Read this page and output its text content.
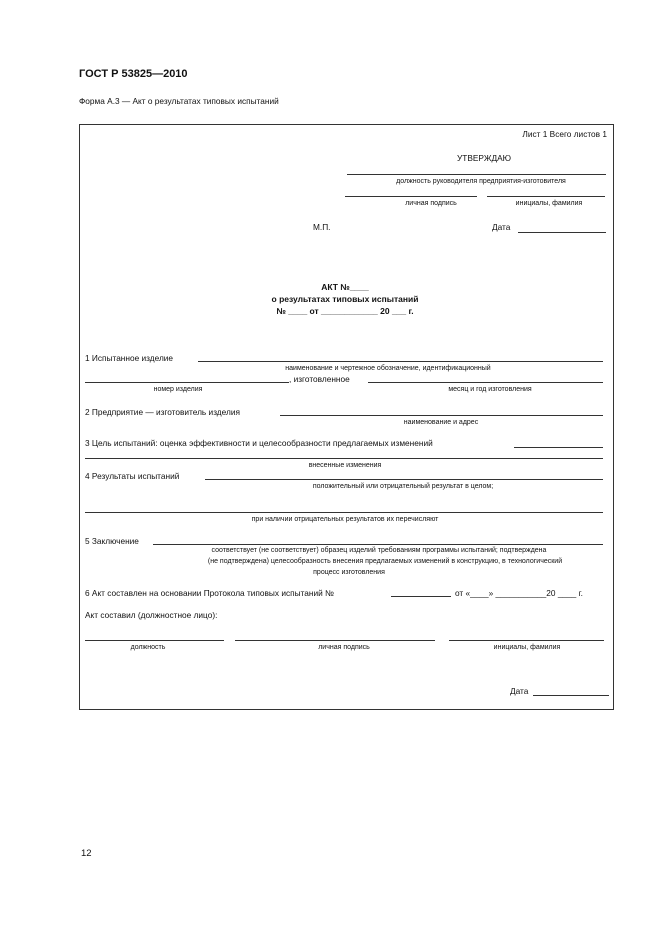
ГОСТ Р 53825—2010
Форма А.3 — Акт о результатах типовых испытаний
Лист 1 Всего листов 1
УТВЕРЖДАЮ
должность руководителя предприятия-изготовителя
личная подпись	инициалы, фамилия
М.П.	Дата
АКТ №____
о результатах типовых испытаний
№ ____ от ____________ 20 ___ г.
1 Испытанное изделие
наименование и чертежное обозначение, идентификационный
, изготовленное
номер изделия	месяц и год изготовления
2 Предприятие — изготовитель изделия
наименование и адрес
3 Цель испытаний: оценка эффективности и целесообразности предлагаемых изменений
внесенные изменения
4 Результаты испытаний
положительный или отрицательный результат в целом;
при наличии отрицательных результатов их перечисляют
5 Заключение
соответствует (не соответствует) образец изделий требованиям программы испытаний; подтверждена
(не подтверждена) целесообразность внесения предлагаемых изменений в конструкцию, в технологический
процесс изготовления
6 Акт составлен на основании Протокола типовых испытаний №	от «____» ___________20 ____ г.
Акт составил (должностное лицо):
должность	личная подпись	инициалы, фамилия
Дата
12
